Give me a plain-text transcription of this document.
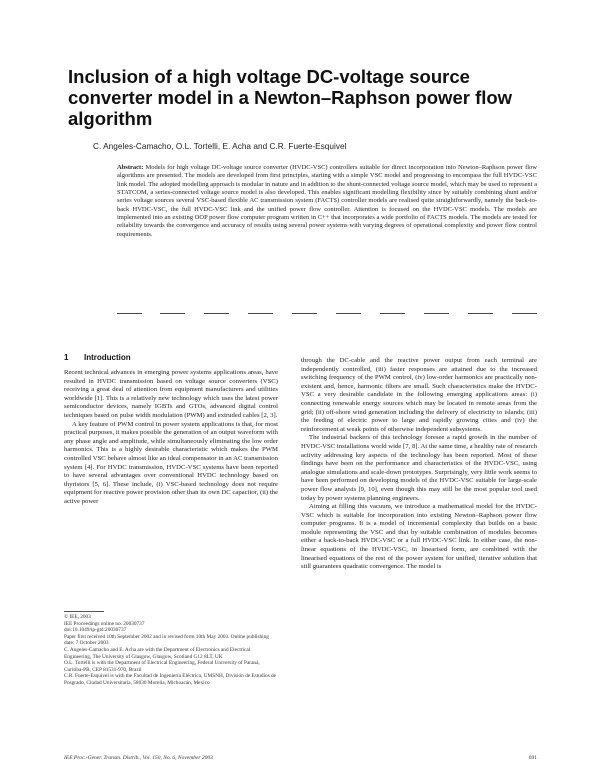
Inclusion of a high voltage DC-voltage source converter model in a Newton–Raphson power flow algorithm
C. Angeles-Camacho, O.L. Tortelli, E. Acha and C.R. Fuerte-Esquivel

Abstract: Models for high voltage DC-voltage source converter (HVDC-VSC) controllers suitable for direct incorporation into Newton–Raphson power flow algorithms are presented. The models are developed from first principles, starting with a simple VSC model and progressing to encompass the full HVDC-VSC link model. The adopted modelling approach is modular in nature and in addition to the shunt-connected voltage source model, which may be used to represent a STATCOM, a series-connected voltage source model is also developed. This enables significant modelling flexibility since by suitably combining shunt and/or series voltage sources several VSC-based flexible AC transmission system (FACTS) controller models are realised quite straightforwardly, namely the back-to-back HVDC-VSC, the full HVDC-VSC link and the unified power flow controller. Attention is focused on the HVDC-VSC models. The models are implemented into an existing OOP power flow computer program written in C++ that incorporates a wide portfolio of FACTS models. The models are tested for reliability towards the convergence and accuracy of results using several power systems with varying degrees of operational complexity and power flow control requirements.

1 Introduction

Recent technical advances in emerging power systems applications areas, have resulted in HVDC transmission based on voltage source converters (VSC) receiving a great deal of attention from equipment manufacturers and utilities worldwide [1]. This is a relatively new technology which uses the latest power semiconductor devices, namely IGBTs and GTOs, advanced digital control techniques based on pulse width modulation (PWM) and extruded cables [2, 3].

A key feature of PWM control in power system applications is that, for most practical purposes, it makes possible the generation of an output waveform with any phase angle and amplitude, while simultaneously eliminating the low order harmonics. This is a highly desirable characteristic which makes the PWM controlled VSC behave almost like an ideal compensator in an AC transmission system [4]. For HVDC transmission, HVDC-VSC systems have been reported to have several advantages over conventional HVDC technology based on thyristors [5, 6]. These include, (i) VSC-based technology does not require equipment for reactive power provision other than its own DC capacitor, (ii) the active power

through the DC-cable and the reactive power output from each terminal are independently controlled, (iii) faster responses are attained due to the increased switching frequency of the PWM control, (iv) low-order harmonics are practically non-existent and, hence, harmonic filters are small. Such characteristics make the HVDC-VSC a very desirable candidate in the following emerging applications areas: (i) connecting renewable energy sources which may be located in remote areas from the grid; (ii) off-shore wind generation including the delivery of electricity to islands; (iii) the feeding of electric power to large and rapidly growing cities and (iv) the reinforcement at weak points of otherwise independent subsystems.

The industrial backers of this technology foresee a rapid growth in the number of HVDC-VSC installations world wide [7, 8]. At the same time, a healthy rate of research activity addressing key aspects of the technology has been reported. Most of these findings have been on the performance and characteristics of the HVDC-VSC, using analogue simulations and scale-down prototypes. Surprisingly, very little work seems to have been performed on developing models of the HVDC-VSC suitable for large-scale power flow analysis [9, 10], even though this may still be the most popular tool used today by power systems planning engineers.

Aiming at filling this vacuum, we introduce a mathematical model for the HVDC-VSC which is suitable for incorporation into existing Newton–Raphson power flow computer programs. It is a model of incremental complexity that builds on a basic module representing the VSC and that by suitable combination of modules becomes either a back-to-back HVDC-VSC or a full HVDC-VSC link. In either case, the non-linear equations of the HVDC-VSC, in linearised form, are combined with the linearised equations of the rest of the power system for unified, iterative solution that still guarantees quadratic convergence. The model is

© IEE, 2003
IEE Proceedings online no. 20030737
doi:10.1049/ip-gtd:20030737
Paper first received 10th September 2002 and in revised form 10th May 2003. Online publishing date: 7 October 2003
C. Angeles-Camacho and E. Acha are with the Department of Electronics and Electrical Engineering, The University of Glasgow, Glasgow, Scotland G12 8LT, UK
O.L. Tortelli is with the Department of Electrical Engineering, Federal University of Paraná, Curitiba-PR, CEP 81531-970, Brazil
C.R. Fuerte-Esquivel is with the Facultad de Ingeniería Eléctrica, UMSNH, División de Estudios de Posgrado, Ciudad Universitaria, 58030 Morelia, Michoacán, Mexico
IEE Proc.-Gener. Transm. Distrib., Vol. 150, No. 6, November 2003	691
